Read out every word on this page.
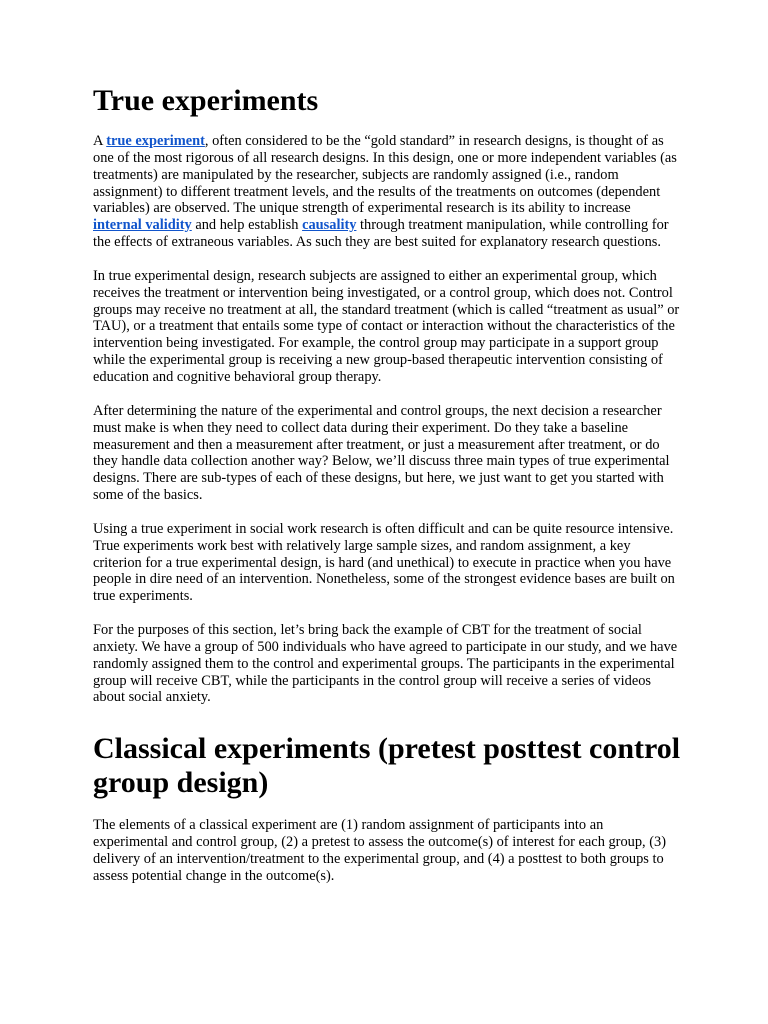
True experiments

A true experiment, often considered to be the “gold standard” in research designs, is thought of as one of the most rigorous of all research designs. In this design, one or more independent variables (as treatments) are manipulated by the researcher, subjects are randomly assigned (i.e., random assignment) to different treatment levels, and the results of the treatments on outcomes (dependent variables) are observed. The unique strength of experimental research is its ability to increase internal validity and help establish causality through treatment manipulation, while controlling for the effects of extraneous variables. As such they are best suited for explanatory research questions.

In true experimental design, research subjects are assigned to either an experimental group, which receives the treatment or intervention being investigated, or a control group, which does not. Control groups may receive no treatment at all, the standard treatment (which is called “treatment as usual” or TAU), or a treatment that entails some type of contact or interaction without the characteristics of the intervention being investigated. For example, the control group may participate in a support group while the experimental group is receiving a new group-based therapeutic intervention consisting of education and cognitive behavioral group therapy.

After determining the nature of the experimental and control groups, the next decision a researcher must make is when they need to collect data during their experiment. Do they take a baseline measurement and then a measurement after treatment, or just a measurement after treatment, or do they handle data collection another way? Below, we’ll discuss three main types of true experimental designs. There are sub-types of each of these designs, but here, we just want to get you started with some of the basics.

Using a true experiment in social work research is often difficult and can be quite resource intensive. True experiments work best with relatively large sample sizes, and random assignment, a key criterion for a true experimental design, is hard (and unethical) to execute in practice when you have people in dire need of an intervention. Nonetheless, some of the strongest evidence bases are built on true experiments.

For the purposes of this section, let’s bring back the example of CBT for the treatment of social anxiety. We have a group of 500 individuals who have agreed to participate in our study, and we have randomly assigned them to the control and experimental groups. The participants in the experimental group will receive CBT, while the participants in the control group will receive a series of videos about social anxiety.

Classical experiments (pretest posttest control group design)

The elements of a classical experiment are (1) random assignment of participants into an experimental and control group, (2) a pretest to assess the outcome(s) of interest for each group, (3) delivery of an intervention/treatment to the experimental group, and (4) a posttest to both groups to assess potential change in the outcome(s).
